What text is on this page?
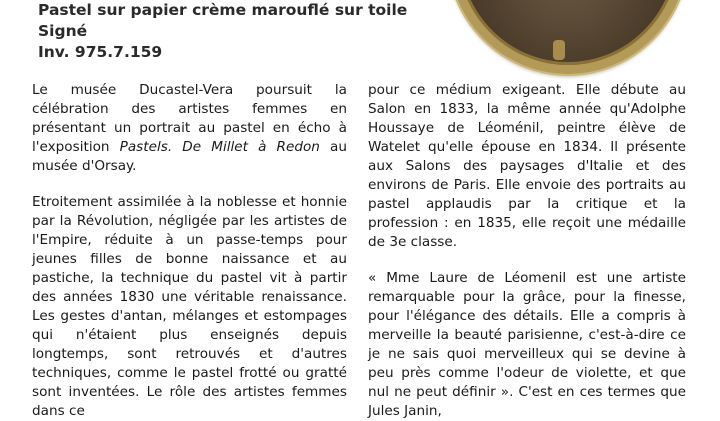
Pastel sur papier crème marouflé sur toile
Signé
Inv. 975.7.159

Le musée Ducastel-Vera poursuit la célébration des artistes femmes en présentant un portrait au pastel en écho à l'exposition Pastels. De Millet à Redon au musée d'Orsay.

Etroitement assimilée à la noblesse et honnie par la Révolution, négligée par les artistes de l'Empire, réduite à un passe-temps pour jeunes filles de bonne naissance et au pastiche, la technique du pastel vit à partir des années 1830 une véritable renaissance. Les gestes d'antan, mélanges et estompages qui n'étaient plus enseignés depuis longtemps, sont retrouvés et d'autres techniques, comme le pastel frotté ou gratté sont inventées. Le rôle des artistes femmes dans ce

pour ce médium exigeant. Elle débute au Salon en 1833, la même année qu'Adolphe Houssaye de Léoménil, peintre élève de Watelet qu'elle épouse en 1834. Il présente aux Salons des paysages d'Italie et des environs de Paris. Elle envoie des portraits au pastel applaudis par la critique et la profession : en 1835, elle reçoit une médaille de 3e classe.

« Mme Laure de Léomenil est une artiste remarquable pour la grâce, pour la finesse, pour l'élégance des détails. Elle a compris à merveille la beauté parisienne, c'est-à-dire ce je ne sais quoi merveilleux qui se devine à peu près comme l'odeur de violette, et que nul ne peut définir ». C'est en ces termes que Jules Janin,
